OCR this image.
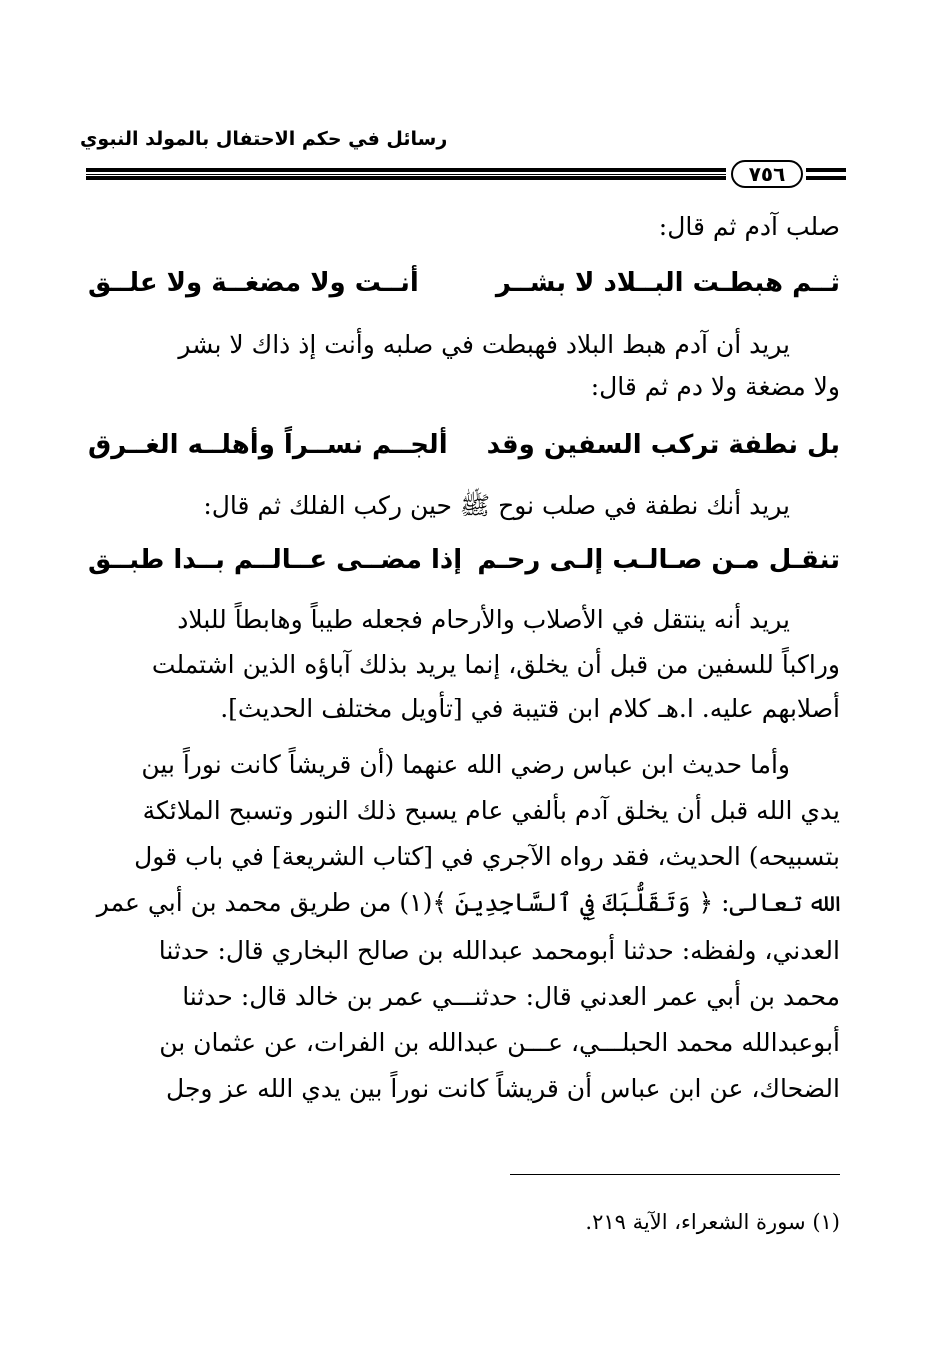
رسائل في حكم الاحتفال بالمولد النبوي
٧٥٦
صلب آدم ثم قال:
ثــم هبطـت البــلاد لا بشــر
أنــت ولا مضغــة ولا علــق
يريد أن آدم هبط البلاد فهبطت في صلبه وأنت إذ ذاك لا بشر
ولا مضغة ولا دم ثم قال:
بل نطفة تركب السفين وقد
ألجــم نســراً وأهلــه الغــرق
يريد أنك نطفة في صلب نوح ﷺ حين ركب الفلك ثم قال:
تنقـل مـن صـالـب إلـى رحـم
إذا مضــى عــالــم بــدا طبــق
يريد أنه ينتقل في الأصلاب والأرحام فجعله طيباً وهابطاً للبلاد
وراكباً للسفين من قبل أن يخلق، إنما يريد بذلك آباؤه الذين اشتملت
أصلابهم عليه. ا.هـ كلام ابن قتيبة في [تأويل مختلف الحديث].
وأما حديث ابن عباس رضي الله عنهما (أن قريشاً كانت نوراً بين
يدي الله قبل أن يخلق آدم بألفي عام يسبح ذلك النور وتسبح الملائكة
بتسبيحه) الحديث، فقد رواه الآجري في [كتاب الشريعة] في باب قول
الله تعالى: ﴿ وَتَقَلُّبَكَ فِي ٱلسَّاجِدِينَ ﴾(١) من طريق محمد بن أبي عمر
العدني، ولفظه: حدثنا أبومحمد عبدالله بن صالح البخاري قال: حدثنا
محمد بن أبي عمر العدني قال: حدثنـــي عمر بن خالد قال: حدثنا
أبوعبدالله محمد الحبلـــي، عـــن عبدالله بن الفرات، عن عثمان بن
الضحاك، عن ابن عباس أن قريشاً كانت نوراً بين يدي الله عز وجل
(١) سورة الشعراء، الآية ٢١٩.
